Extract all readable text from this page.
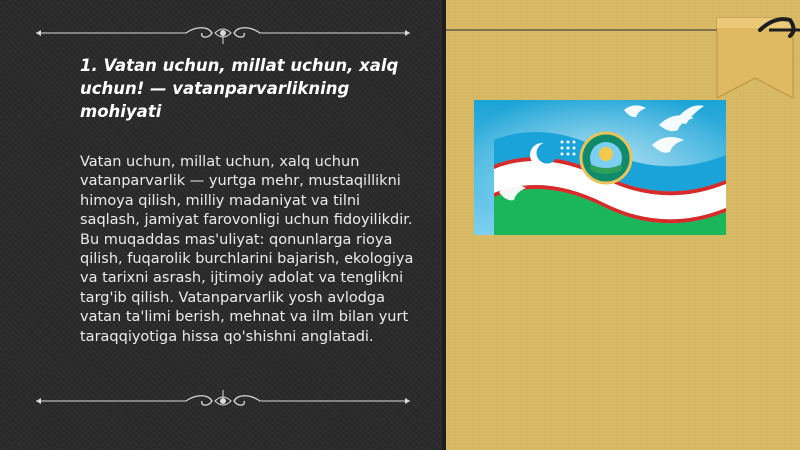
1. Vatan uchun, millat uchun, xalq uchun! — vatanparvarlikning mohiyati
Vatan uchun, millat uchun, xalq uchun vatanparvarlik — yurtga mehr, mustaqillikni himoya qilish, milliy madaniyat va tilni saqlash, jamiyat farovonligi uchun fidoyilikdir. Bu muqaddas mas'uliyat: qonunlarga rioya qilish, fuqarolik burchlarini bajarish, ekologiya va tarixni asrash, ijtimoiy adolat va tenglikni targ'ib qilish. Vatanparvarlik yosh avlodga vatan ta'limi berish, mehnat va ilm bilan yurt taraqqiyotiga hissa qo'shishni anglatadi.
